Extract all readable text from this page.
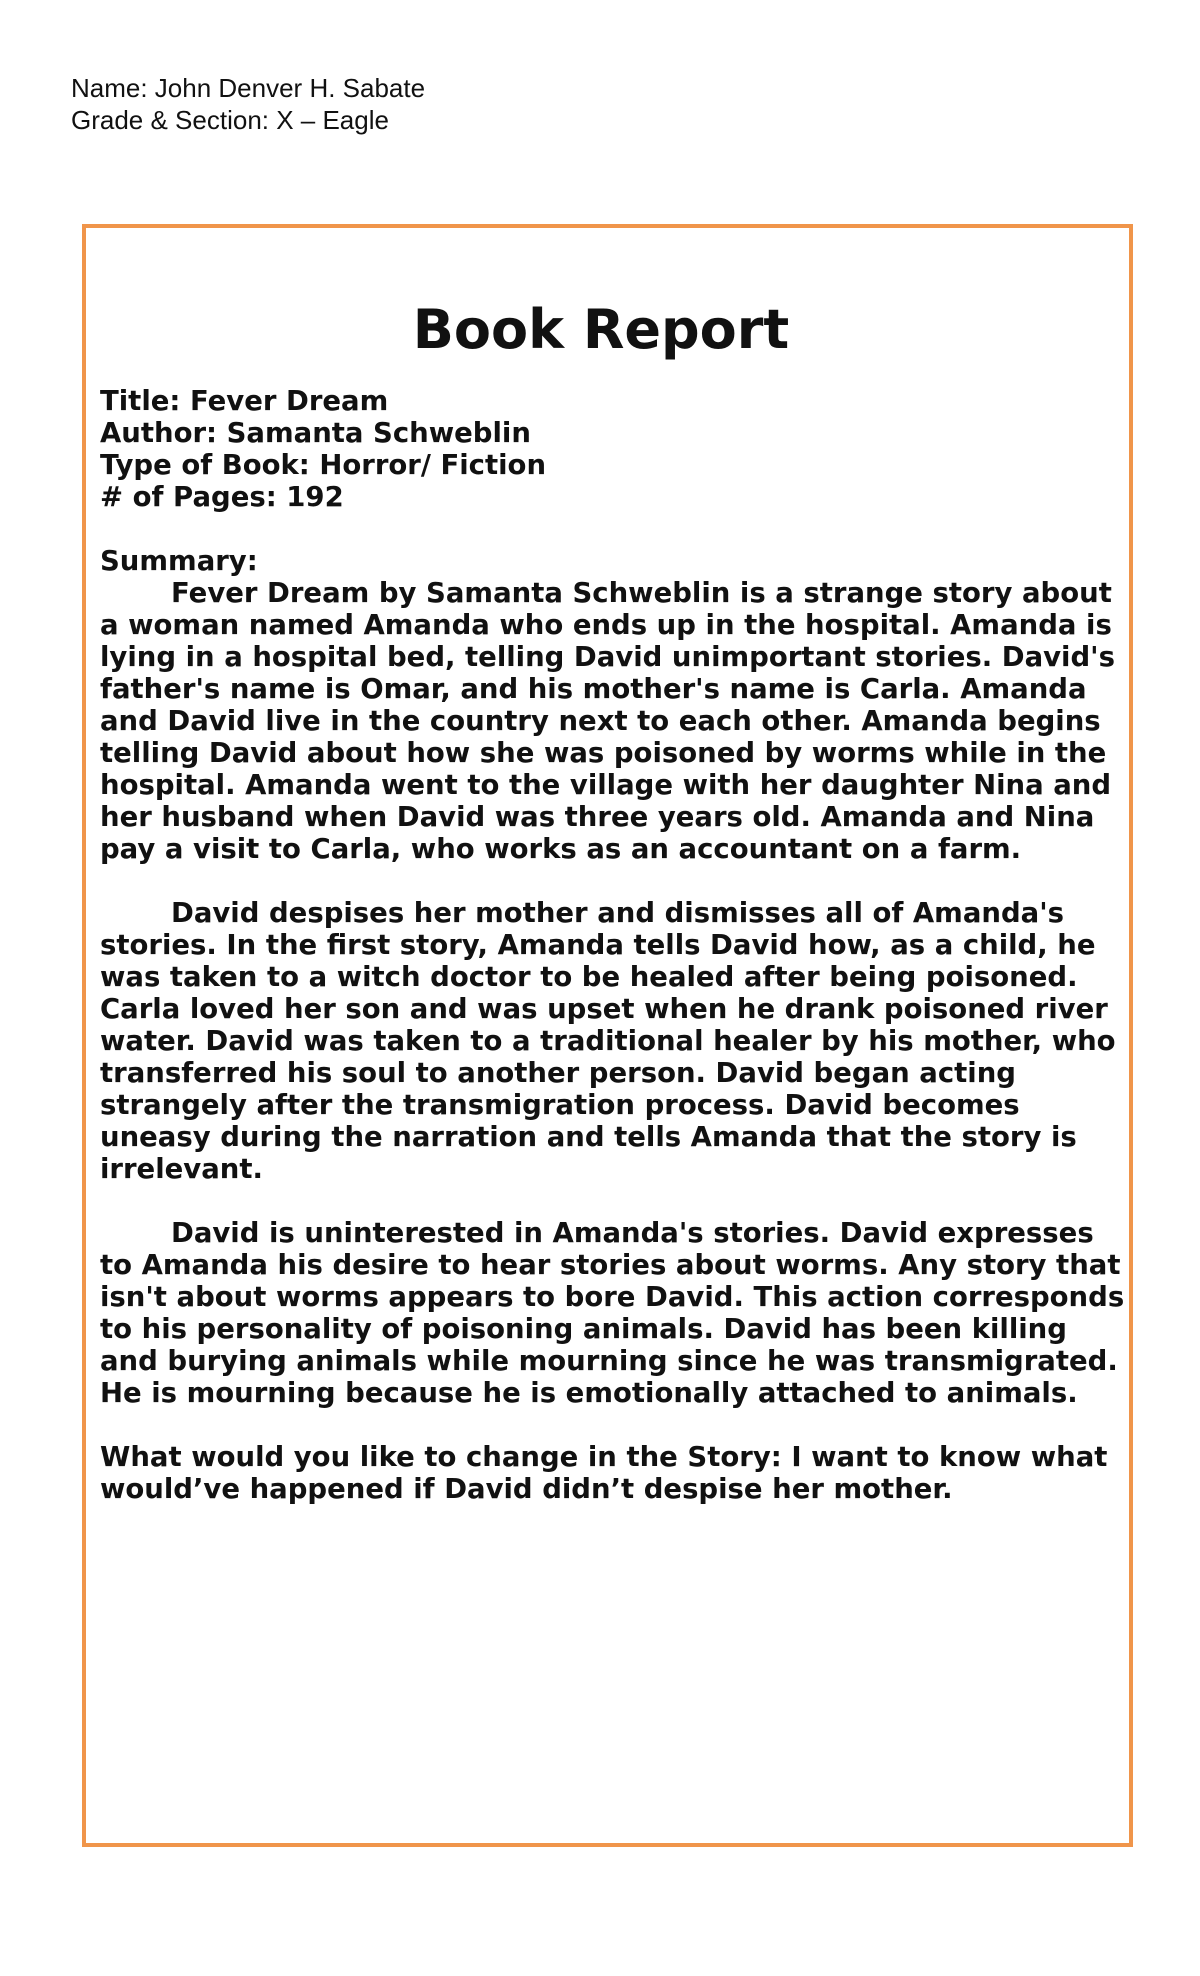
Name: John Denver H. Sabate
Grade & Section: X – Eagle
Book Report

Title: Fever Dream

Author: Samanta Schweblin

Type of Book: Horror/ Fiction

# of Pages: 192

Summary:

Fever Dream by Samanta Schweblin is a strange story about a woman named Amanda who ends up in the hospital. Amanda is lying in a hospital bed, telling David unimportant stories. David's father's name is Omar, and his mother's name is Carla. Amanda and David live in the country next to each other. Amanda begins telling David about how she was poisoned by worms while in the hospital. Amanda went to the village with her daughter Nina and her husband when David was three years old. Amanda and Nina pay a visit to Carla, who works as an accountant on a farm.

David despises her mother and dismisses all of Amanda's stories. In the first story, Amanda tells David how, as a child, he was taken to a witch doctor to be healed after being poisoned. Carla loved her son and was upset when he drank poisoned river water. David was taken to a traditional healer by his mother, who transferred his soul to another person. David began acting strangely after the transmigration process. David becomes uneasy during the narration and tells Amanda that the story is irrelevant.

David is uninterested in Amanda's stories. David expresses to Amanda his desire to hear stories about worms. Any story that isn't about worms appears to bore David. This action corresponds to his personality of poisoning animals. David has been killing and burying animals while mourning since he was transmigrated. He is mourning because he is emotionally attached to animals.

What would you like to change in the Story: I want to know what would’ve happened if David didn’t despise her mother.
